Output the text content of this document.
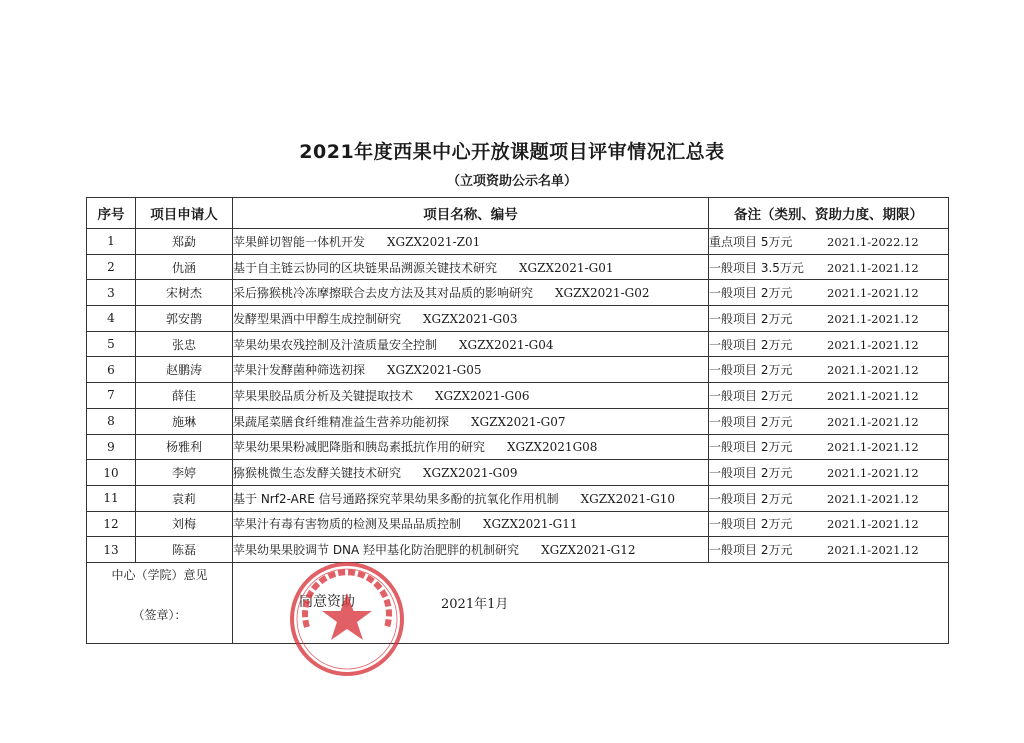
2021年度西果中心开放课题项目评审情况汇总表
（立项资助公示名单）
序号	项目申请人	项目名称、编号	备注（类别、资助力度、期限）
1	郑勐	苹果鲜切智能一体机开发 XGZX2021-Z01	重点项目 5万元 2021.1-2022.12
2	仇涵	基于自主链云协同的区块链果品溯源关键技术研究 XGZX2021-G01	一般项目 3.5万元 2021.1-2021.12
3	宋树杰	采后猕猴桃冷冻摩擦联合去皮方法及其对品质的影响研究 XGZX2021-G02	一般项目 2万元 2021.1-2021.12
4	郭安鹊	发酵型果酒中甲醇生成控制研究 XGZX2021-G03	一般项目 2万元 2021.1-2021.12
5	张忠	苹果幼果农残控制及汁渣质量安全控制 XGZX2021-G04	一般项目 2万元 2021.1-2021.12
6	赵鹏涛	苹果汁发酵菌种筛选初探 XGZX2021-G05	一般项目 2万元 2021.1-2021.12
7	薛佳	苹果果胶品质分析及关键提取技术 XGZX2021-G06	一般项目 2万元 2021.1-2021.12
8	施琳	果蔬尾菜膳食纤维精准益生营养功能初探 XGZX2021-G07	一般项目 2万元 2021.1-2021.12
9	杨雅利	苹果幼果果粉减肥降脂和胰岛素抵抗作用的研究 XGZX2021G08	一般项目 2万元 2021.1-2021.12
10	李婷	猕猴桃微生态发酵关键技术研究 XGZX2021-G09	一般项目 2万元 2021.1-2021.12
11	袁莉	基于 Nrf2-ARE 信号通路探究苹果幼果多酚的抗氧化作用机制 XGZX2021-G10	一般项目 2万元 2021.1-2021.12
12	刘梅	苹果汁有毒有害物质的检测及果品品质控制 XGZX2021-G11	一般项目 2万元 2021.1-2021.12
13	陈磊	苹果幼果果胶调节 DNA 羟甲基化防治肥胖的机制研究 XGZX2021-G12	一般项目 2万元 2021.1-2021.12

中心（学院）意见
（签章）：		同意资助 2021年1月	
